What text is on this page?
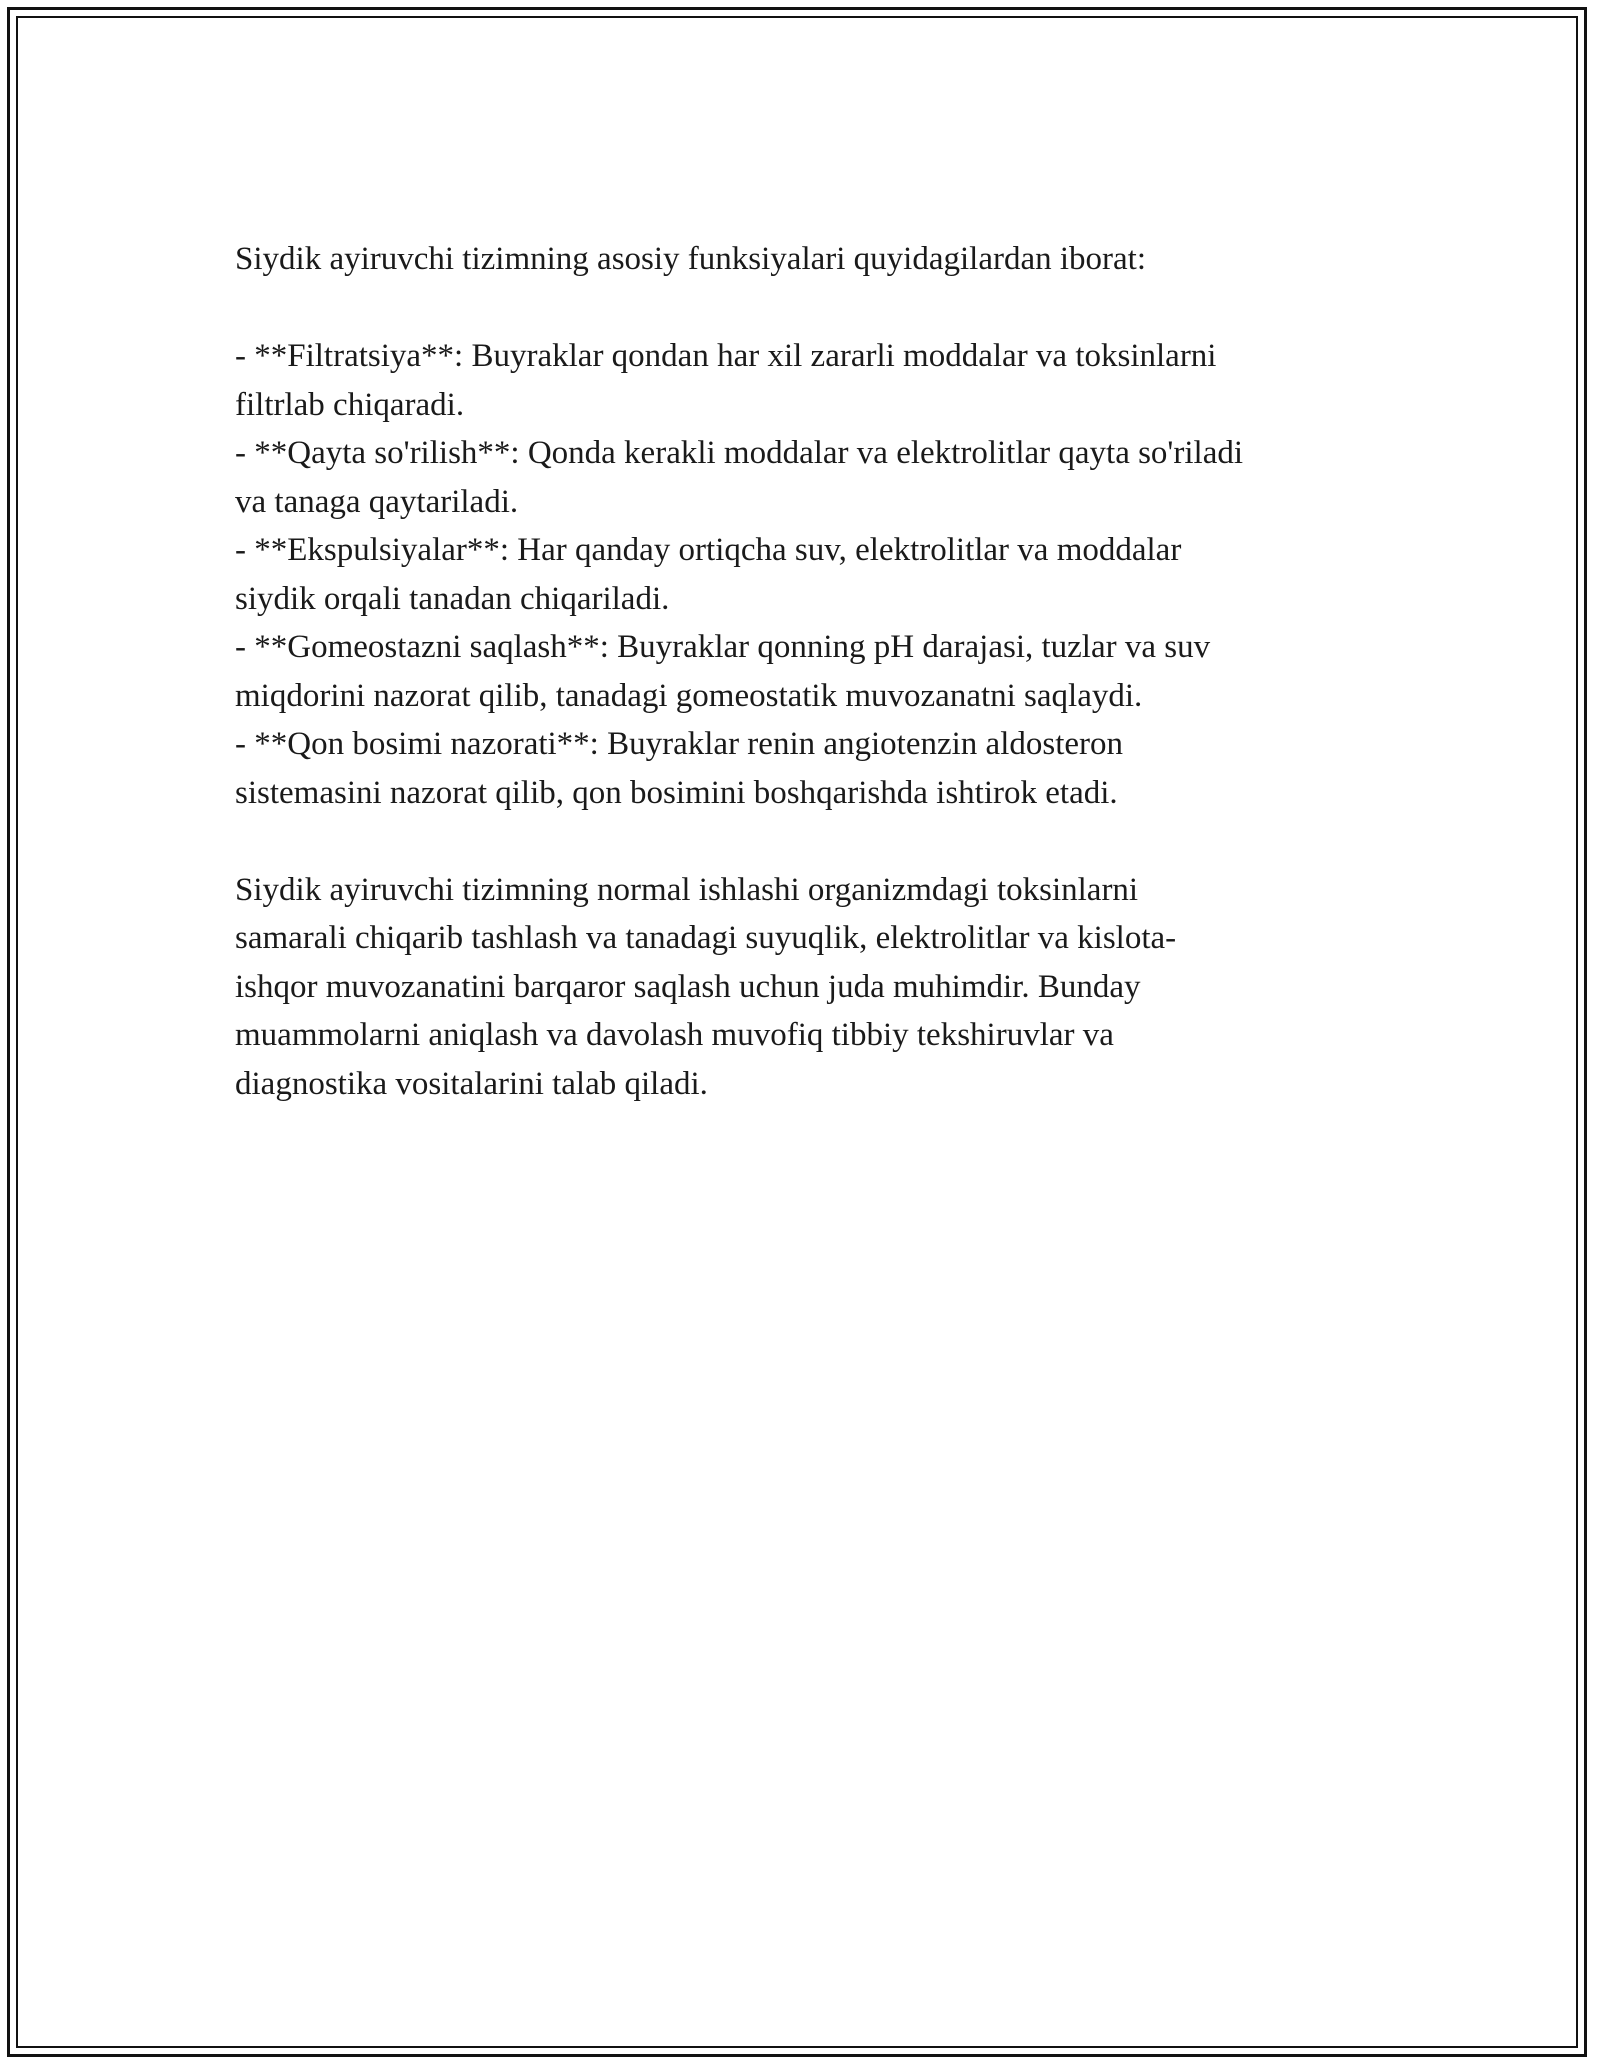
Siydik ayiruvchi tizimning asosiy funksiyalari quyidagilardan iborat:

- **Filtratsiya**: Buyraklar qondan har xil zararli moddalar va toksinlarni

filtrlab chiqaradi.

- **Qayta so'rilish**: Qonda kerakli moddalar va elektrolitlar qayta so'riladi

va tanaga qaytariladi.

- **Ekspulsiyalar**: Har qanday ortiqcha suv, elektrolitlar va moddalar

siydik orqali tanadan chiqariladi.

- **Gomeostazni saqlash**: Buyraklar qonning pH darajasi, tuzlar va suv

miqdorini nazorat qilib, tanadagi gomeostatik muvozanatni saqlaydi.

- **Qon bosimi nazorati**: Buyraklar renin angiotenzin aldosteron

sistemasini nazorat qilib, qon bosimini boshqarishda ishtirok etadi.

Siydik ayiruvchi tizimning normal ishlashi organizmdagi toksinlarni

samarali chiqarib tashlash va tanadagi suyuqlik, elektrolitlar va kislota-

ishqor muvozanatini barqaror saqlash uchun juda muhimdir. Bunday

muammolarni aniqlash va davolash muvofiq tibbiy tekshiruvlar va

diagnostika vositalarini talab qiladi.
